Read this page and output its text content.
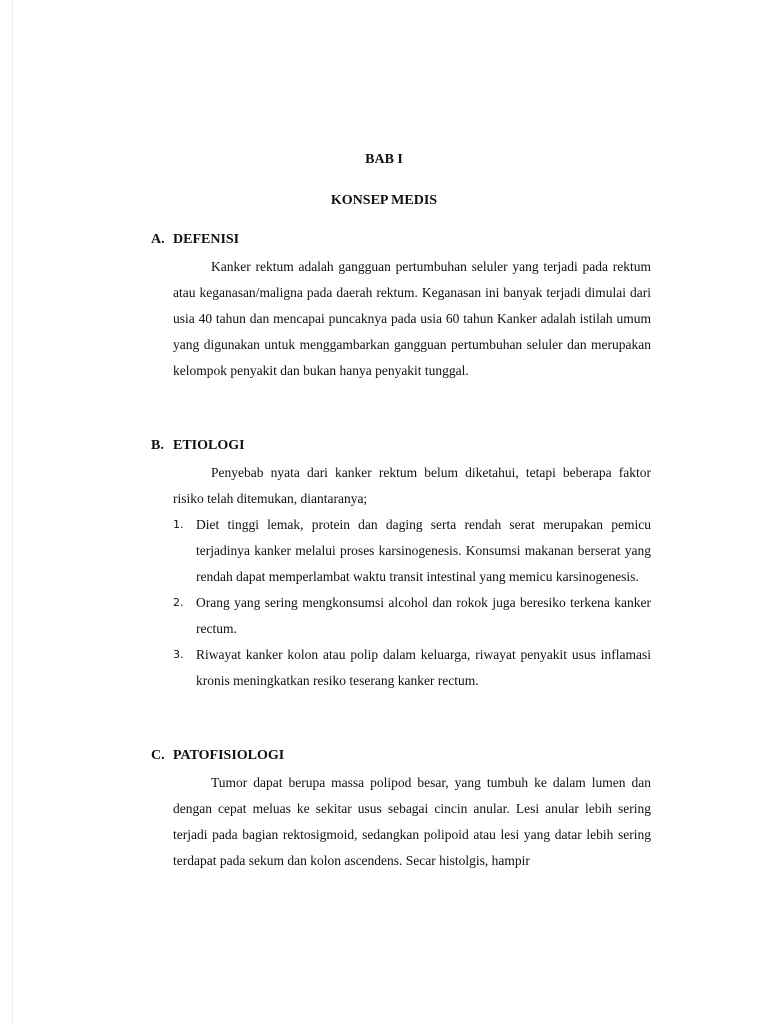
BAB I
KONSEP MEDIS
A. DEFENISI

Kanker rektum adalah gangguan pertumbuhan seluler yang terjadi pada rektum atau keganasan/maligna pada daerah rektum. Keganasan ini banyak terjadi dimulai dari usia 40 tahun dan mencapai puncaknya pada usia 60 tahun Kanker adalah istilah umum yang digunakan untuk menggambarkan gangguan pertumbuhan seluler dan merupakan kelompok penyakit dan bukan hanya penyakit tunggal.

B. ETIOLOGI

Penyebab nyata dari kanker rektum belum diketahui, tetapi beberapa faktor risiko telah ditemukan, diantaranya;

1. Diet tinggi lemak, protein dan daging serta rendah serat merupakan pemicu terjadinya kanker melalui proses karsinogenesis. Konsumsi makanan berserat yang rendah dapat memperlambat waktu transit intestinal yang memicu karsinogenesis.
2. Orang yang sering mengkonsumsi alcohol dan rokok juga beresiko terkena kanker rectum.
3. Riwayat kanker kolon atau polip dalam keluarga, riwayat penyakit usus inflamasi kronis meningkatkan resiko teserang kanker rectum.
C. PATOFISIOLOGI

Tumor dapat berupa massa polipod besar, yang tumbuh ke dalam lumen dan dengan cepat meluas ke sekitar usus sebagai cincin anular. Lesi anular lebih sering terjadi pada bagian rektosigmoid, sedangkan polipoid atau lesi yang datar lebih sering terdapat pada sekum dan kolon ascendens. Secar histolgis, hampir
